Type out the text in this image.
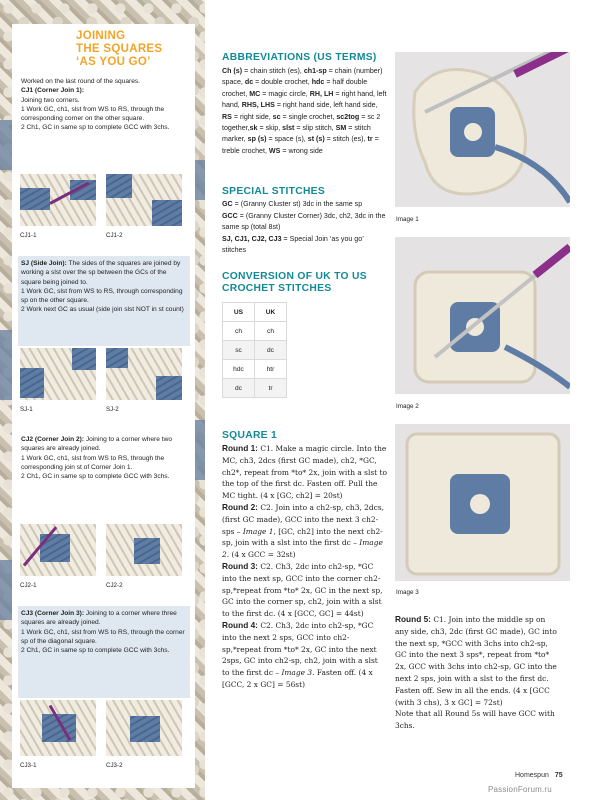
JOINING
THE SQUARES
‘AS YOU GO’
Worked on the last round of the squares.
CJ1 (Corner Join 1):
Joining two corners.
1 Work GC, ch1, slst from WS to RS, through the corresponding corner on the other square.
2 Ch1, GC in same sp to complete GCC with 3chs.
CJ1-1	CJ1-2
SJ (Side Join): The sides of the squares are joined by working a slst over the sp between the GCs of the square being joined to.
1 Work GC, slst from WS to RS, through corresponding sp on the other square.
2 Work next GC as usual (side join slst NOT in st count)
SJ-1	SJ-2
CJ2 (Corner Join 2): Joining to a corner where two squares are already joined.
1 Work GC, ch1, slst from WS to RS, through the corresponding join st of Corner Join 1.
2 Ch1, GC in same sp to complete GCC with 3chs.
CJ2-1	CJ2-2
CJ3 (Corner Join 3): Joining to a corner where three squares are already joined.
1 Work GC, ch1, slst from WS to RS, through the corner sp of the diagonal square.
2 Ch1, GC in same sp to complete GCC with 3chs.
CJ3-1	CJ3-2
ABBREVIATIONS (US TERMS)
Ch (s) = chain stitch (es), ch1-sp = chain (number) space, dc = double crochet, hdc = half double crochet, MC = magic circle, RH, LH = right hand, left hand, RHS, LHS = right hand side, left hand side, RS = right side, sc = single crochet, sc2tog = sc 2 together,sk = skip, slst = slip stitch, SM = stitch marker, sp (s) = space (s), st (s) = stitch (es), tr = treble crochet, WS = wrong side
SPECIAL STITCHES
GC = (Granny Cluster st) 3dc in the same sp
GCC = (Granny Cluster Corner) 3dc, ch2, 3dc in the same sp (total 8st)
SJ, CJ1, CJ2, CJ3 = Special Join ‘as you go’ stitches
CONVERSION OF UK TO US CROCHET STITCHES
US	UK
ch	ch
sc	dc
hdc	htr
dc	tr
SQUARE 1
Round 1: C1. Make a magic circle. Into the MC, ch3, 2dcs (first GC made), ch2, *GC, ch2*, repeat from *to* 2x, join with a slst to the top of the first dc. Fasten off. Pull the MC tight. (4 x [GC, ch2] = 20st)
Round 2: C2. Join into a ch2-sp, ch3, 2dcs, (first GC made), GCC into the next 3 ch2-sps – Image 1, [GC, ch2] into the next ch2-sp, join with a slst into the first dc – Image 2. (4 x GCC = 32st)
Round 3: C2. Ch3, 2dc into ch2-sp, *GC into the next sp, GCC into the corner ch2-sp,*repeat from *to* 2x, GC in the next sp, GC into the corner sp, ch2, join with a slst to the first dc. (4 x [GCC, GC] = 44st)
Round 4: C2. Ch3, 2dc into ch2-sp, *GC into the next 2 sps, GCC into ch2-sp,*repeat from *to* 2x, GC into the next 2sps, GC into ch2-sp, ch2, join with a slst to the first dc – Image 3. Fasten off. (4 x [GCC, 2 x GC] = 56st)
Round 5: C1. Join into the middle sp on any side, ch3, 2dc (first GC made), GC into the next sp, *GCC with 3chs into ch2-sp, GC into the next 3 sps*, repeat from *to* 2x, GCC with 3chs into ch2-sp, GC into the next 2 sps, join with a slst to the first dc. Fasten off. Sew in all the ends. (4 x [GCC (with 3 chs), 3 x GC] = 72st)
Note that all Round 5s will have GCC with 3chs.
Image 1
Image 2
Image 3
Homespun 75
PassionForum.ru
